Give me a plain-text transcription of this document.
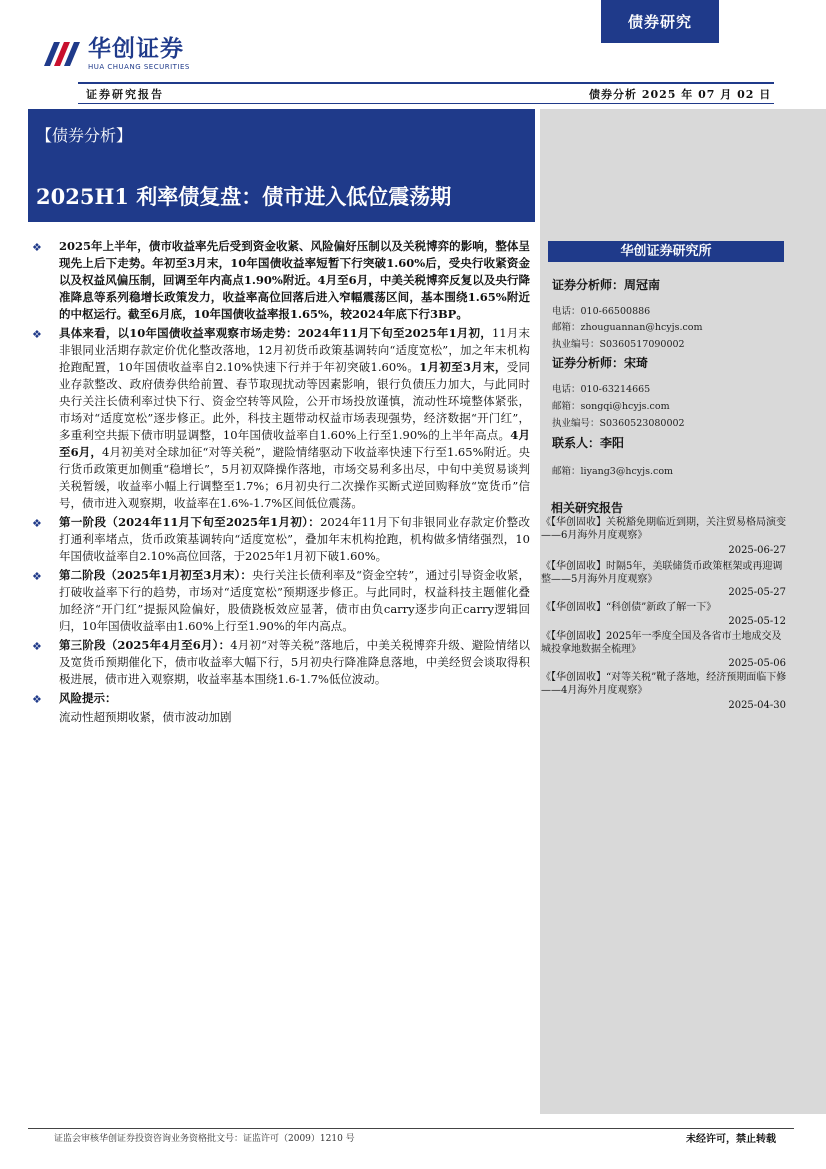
债券研究
华创证券
HUA CHUANG SECURITIES
证券研究报告	债券分析 2025 年 07 月 02 日
【债券分析】
2025H1 利率债复盘：债市进入低位震荡期
❖ 2025年上半年，债市收益率先后受到资金收紧、风险偏好压制以及关税博弈的影响，整体呈现先上后下走势。年初至3月末，10年国债收益率短暂下行突破1.60%后，受央行收紧资金以及权益风偏压制，回调至年内高点1.90%附近。4月至6月，中美关税博弈反复以及央行降准降息等系列稳增长政策发力，收益率高位回落后进入窄幅震荡区间，基本围绕1.65%附近的中枢运行。截至6月底，10年国债收益率报1.65%，较2024年底下行3BP。
❖ 具体来看，以10年国债收益率观察市场走势：2024年11月下旬至2025年1月初，11月末非银同业活期存款定价优化整改落地，12月初货币政策基调转向“适度宽松”，加之年末机构抢跑配置，10年国债收益率自2.10%快速下行并于年初突破1.60%。1月初至3月末，受同业存款整改、政府债券供给前置、春节取现扰动等因素影响，银行负债压力加大，与此同时央行关注长债利率过快下行、资金空转等风险，公开市场投放谨慎，流动性环境整体紧张，市场对“适度宽松”逐步修正。此外，科技主题带动权益市场表现强势，经济数据“开门红”，多重利空共振下债市明显调整，10年国债收益率自1.60%上行至1.90%的上半年高点。4月至6月，4月初美对全球加征“对等关税”，避险情绪驱动下收益率快速下行至1.65%附近。央行货币政策更加侧重“稳增长”，5月初双降操作落地，市场交易利多出尽，中旬中美贸易谈判关税暂缓，收益率小幅上行调整至1.7%；6月初央行二次操作买断式逆回购释放“宽货币”信号，债市进入观察期，收益率在1.6%-1.7%区间低位震荡。
❖ 第一阶段（2024年11月下旬至2025年1月初）：2024年11月下旬非银同业存款定价整改打通利率堵点，货币政策基调转向“适度宽松”，叠加年末机构抢跑，机构做多情绪强烈，10年国债收益率自2.10%高位回落，于2025年1月初下破1.60%。
❖ 第二阶段（2025年1月初至3月末）：央行关注长债利率及“资金空转”，通过引导资金收紧，打破收益率下行的趋势，市场对“适度宽松”预期逐步修正。与此同时，权益科技主题催化叠加经济“开门红”提振风险偏好，股债跷板效应显著，债市由负carry逐步向正carry逻辑回归，10年国债收益率由1.60%上行至1.90%的年内高点。
❖ 第三阶段（2025年4月至6月）：4月初“对等关税”落地后，中美关税博弈升级、避险情绪以及宽货币预期催化下，债市收益率大幅下行，5月初央行降准降息落地，中美经贸会谈取得积极进展，债市进入观察期，收益率基本围绕1.6-1.7%低位波动。
❖ 风险提示：
流动性超预期收紧，债市波动加剧
华创证券研究所
证券分析师：周冠南
电话：010-66500886
邮箱：zhouguannan@hcyjs.com
执业编号：S0360517090002
证券分析师：宋琦
电话：010-63214665
邮箱：songqi@hcyjs.com
执业编号：S0360523080002
联系人：李阳
邮箱：liyang3@hcyjs.com
相关研究报告
《【华创固收】关税豁免期临近到期，关注贸易格局演变——6月海外月度观察》
2025-06-27
《【华创固收】时隔5年，美联储货币政策框架或再迎调整——5月海外月度观察》
2025-05-27
《【华创固收】“科创债”新政了解一下》
2025-05-12
《【华创固收】2025年一季度全国及各省市土地成交及城投拿地数据全梳理》
2025-05-06
《【华创固收】“对等关税”靴子落地，经济预期面临下修——4月海外月度观察》
2025-04-30
证监会审核华创证券投资咨询业务资格批文号：证监许可（2009）1210 号	未经许可，禁止转载
